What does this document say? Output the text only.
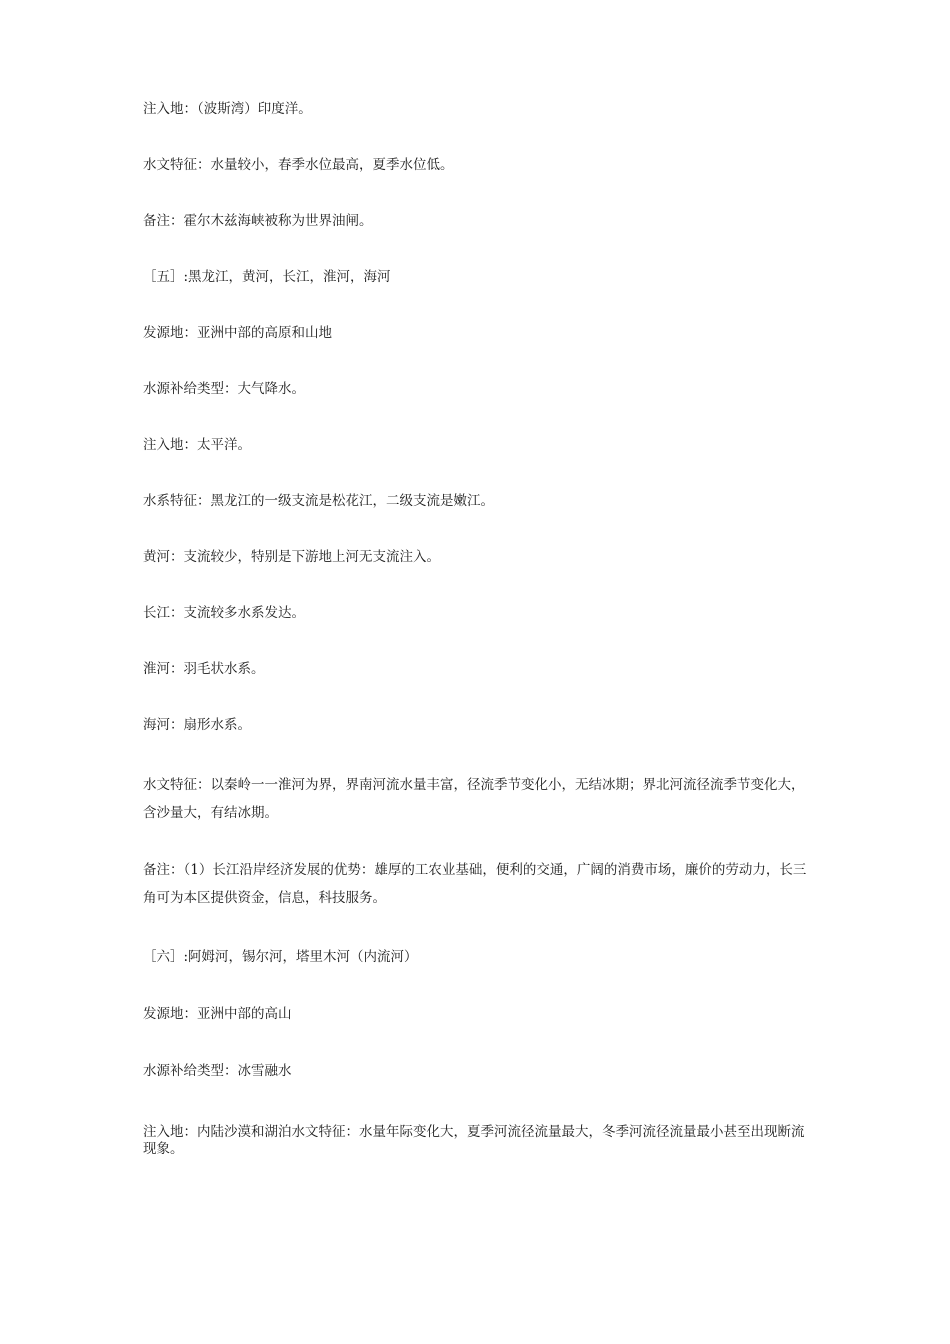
注入地：（波斯湾）印度洋。

水文特征：水量较小，春季水位最高，夏季水位低。

备注：霍尔木兹海峡被称为世界油闸。

［五］:黑龙江，黄河，长江，淮河，海河

发源地：亚洲中部的高原和山地

水源补给类型：大气降水。

注入地：太平洋。

水系特征：黑龙江的一级支流是松花江，二级支流是嫩江。

黄河：支流较少，特别是下游地上河无支流注入。

长江：支流较多水系发达。

淮河：羽毛状水系。

海河：扇形水系。

水文特征：以秦岭一一淮河为界，界南河流水量丰富，径流季节变化小，无结冰期；界北河流径流季节变化大，含沙量大，有结冰期。

备注：（1）长江沿岸经济发展的优势：雄厚的工农业基础，便利的交通，广阔的消费市场，廉价的劳动力，长三角可为本区提供资金，信息，科技服务。

［六］:阿姆河，锡尔河，塔里木河（内流河）

发源地：亚洲中部的高山

水源补给类型：冰雪融水

注入地：内陆沙漠和湖泊水文特征：水量年际变化大，夏季河流径流量最大，冬季河流径流量最小甚至出现断流现象。
